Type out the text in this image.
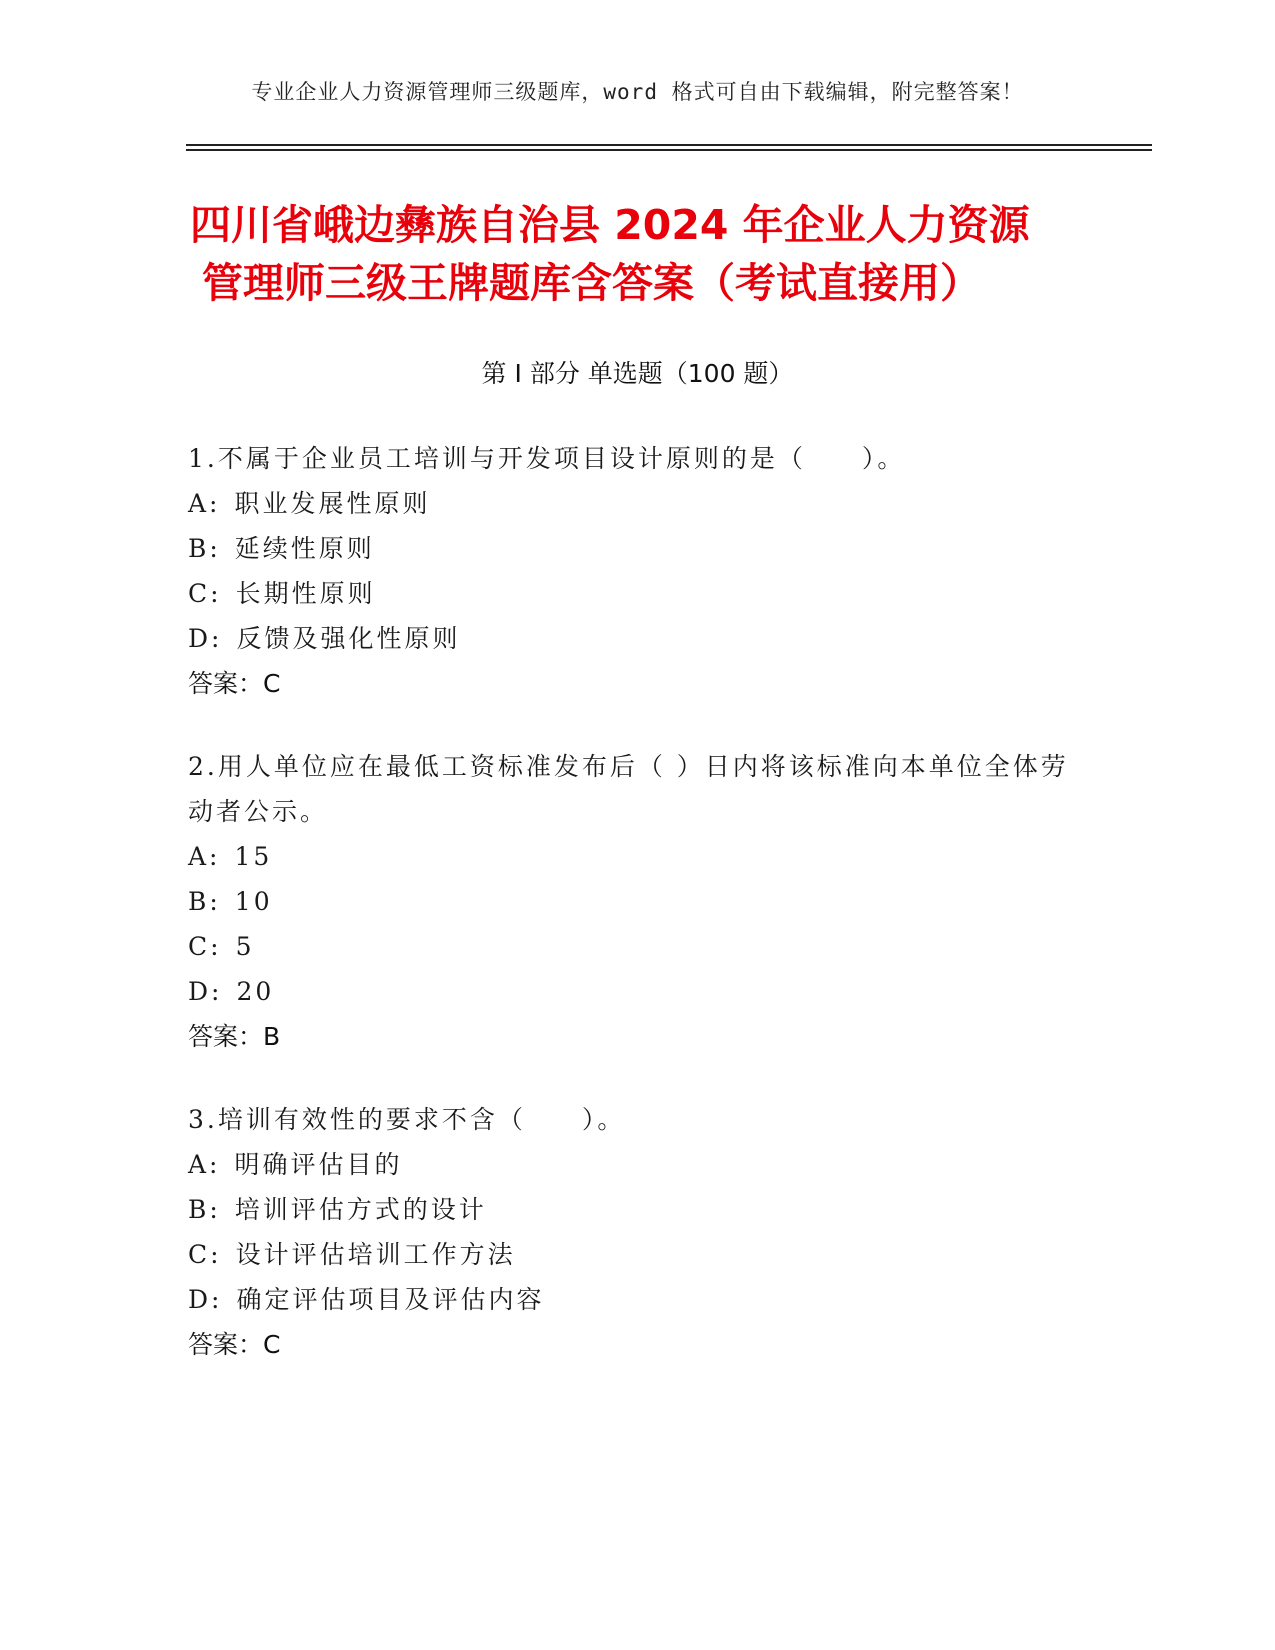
专业企业人力资源管理师三级题库，word 格式可自由下载编辑，附完整答案！
四川省峨边彝族自治县 2024 年企业人力资源
管理师三级王牌题库含答案（考试直接用）
第 I 部分 单选题（100 题）
1.不属于企业员工培训与开发项目设计原则的是（　　）。
A: 职业发展性原则
B: 延续性原则
C: 长期性原则
D: 反馈及强化性原则
答案：C
2.用人单位应在最低工资标准发布后（ ）日内将该标准向本单位全体劳动者公示。
A: 15
B: 10
C: 5
D: 20
答案：B
3.培训有效性的要求不含（　　）。
A: 明确评估目的
B: 培训评估方式的设计
C: 设计评估培训工作方法
D: 确定评估项目及评估内容
答案：C
